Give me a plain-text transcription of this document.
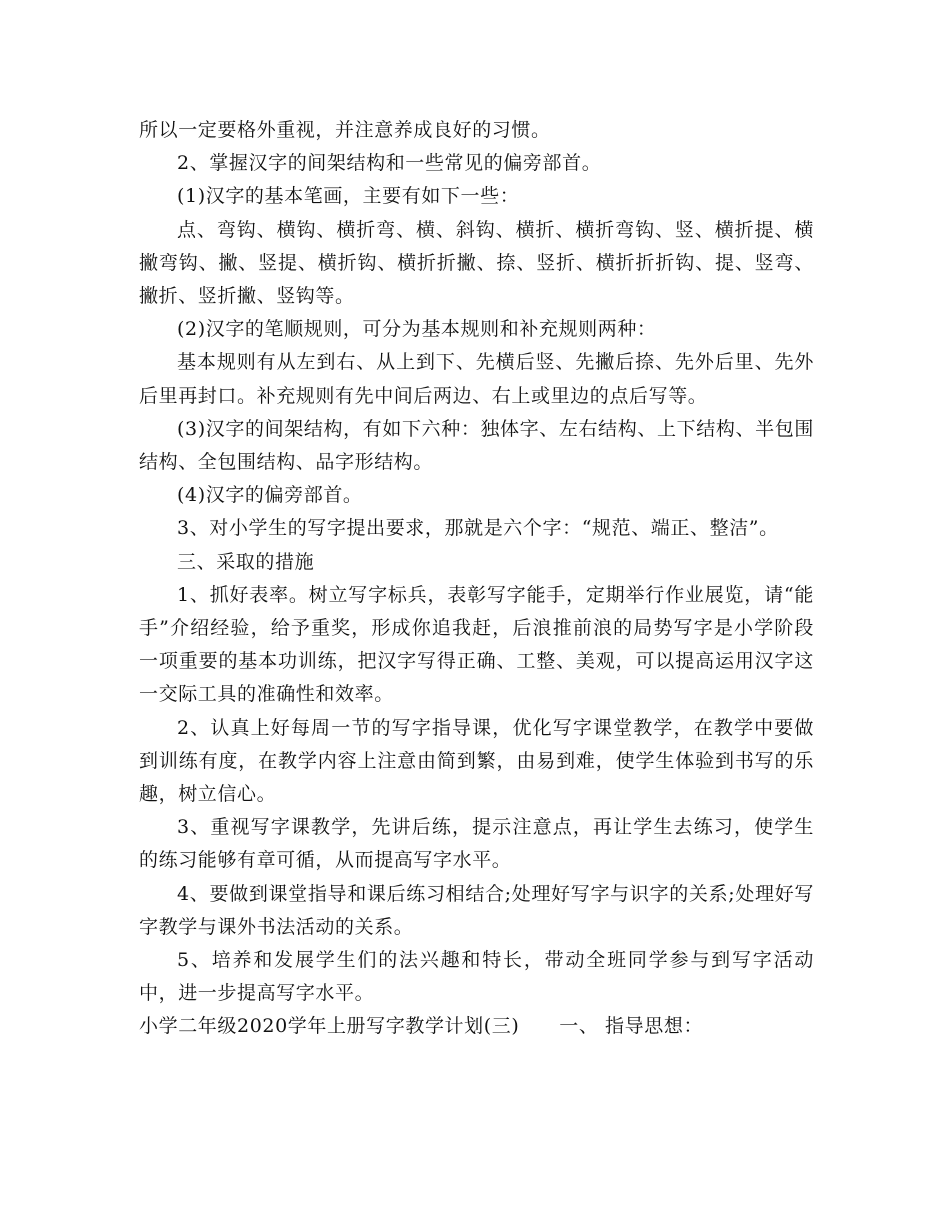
所以一定要格外重视，并注意养成良好的习惯。

2、掌握汉字的间架结构和一些常见的偏旁部首。

(1)汉字的基本笔画，主要有如下一些：

点、弯钩、横钩、横折弯、横、斜钩、横折、横折弯钩、竖、横折提、横撇弯钩、撇、竖提、横折钩、横折折撇、捺、竖折、横折折折钩、提、竖弯、撇折、竖折撇、竖钩等。

(2)汉字的笔顺规则，可分为基本规则和补充规则两种：

基本规则有从左到右、从上到下、先横后竖、先撇后捺、先外后里、先外后里再封口。补充规则有先中间后两边、右上或里边的点后写等。

(3)汉字的间架结构，有如下六种：独体字、左右结构、上下结构、半包围结构、全包围结构、品字形结构。

(4)汉字的偏旁部首。

3、对小学生的写字提出要求，那就是六个字：“规范、端正、整洁”。

三、采取的措施

1、抓好表率。树立写字标兵，表彰写字能手，定期举行作业展览，请“能手”介绍经验，给予重奖，形成你追我赶，后浪推前浪的局势写字是小学阶段一项重要的基本功训练，把汉字写得正确、工整、美观，可以提高运用汉字这一交际工具的准确性和效率。

2、认真上好每周一节的写字指导课，优化写字课堂教学，在教学中要做到训练有度，在教学内容上注意由简到繁，由易到难，使学生体验到书写的乐趣，树立信心。

3、重视写字课教学，先讲后练，提示注意点，再让学生去练习，使学生的练习能够有章可循，从而提高写字水平。

4、要做到课堂指导和课后练习相结合;处理好写字与识字的关系;处理好写字教学与课外书法活动的关系。

5、培养和发展学生们的法兴趣和特长，带动全班同学参与到写字活动中，进一步提高写字水平。

小学二年级2020学年上册写字教学计划(三)      一、 指导思想：
